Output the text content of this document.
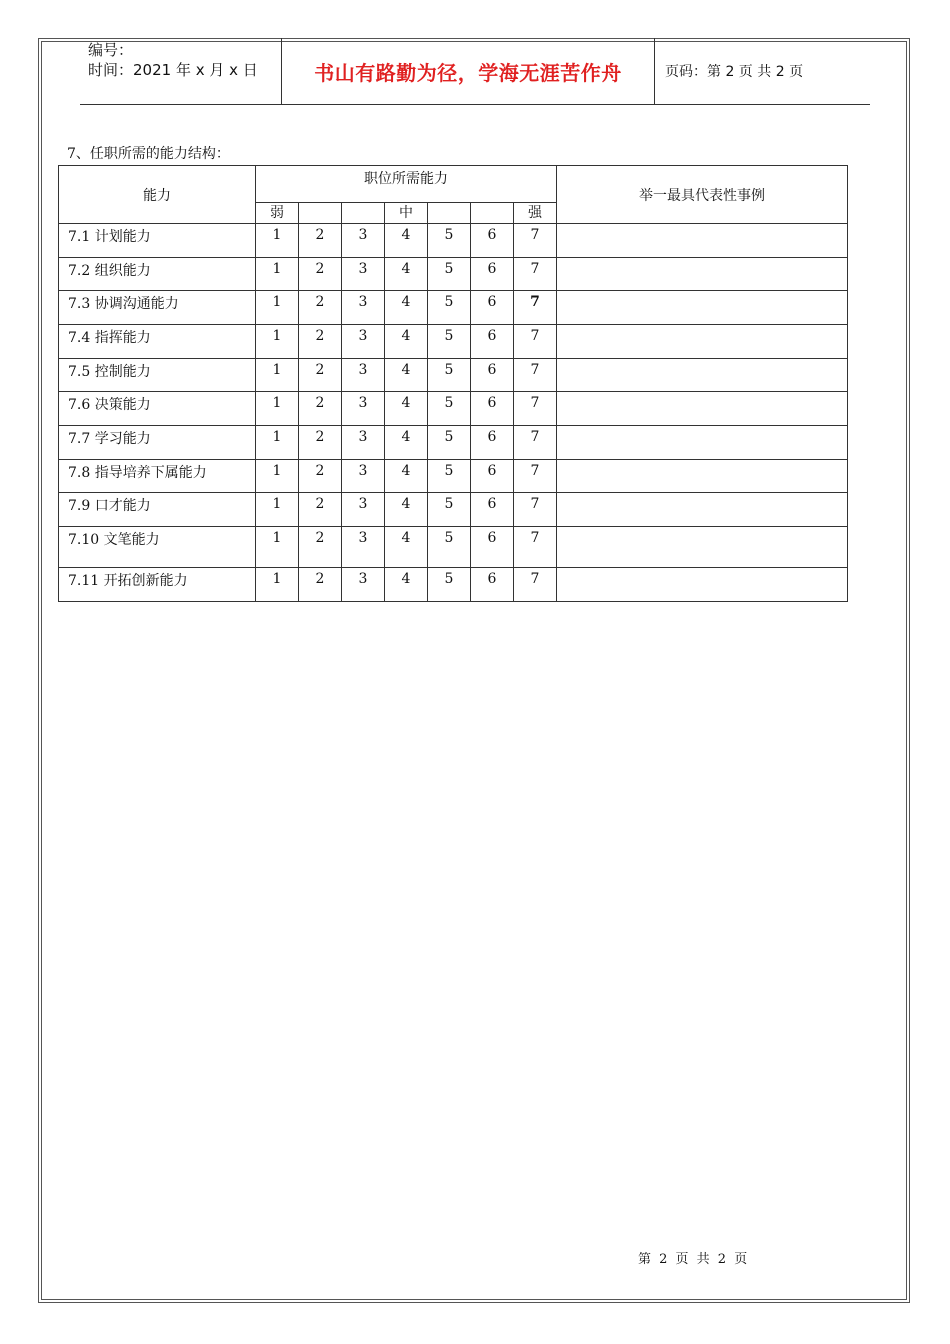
编号：
时间：2021 年 x 月 x 日	书山有路勤为径，学海无涯苦作舟	页码：第 2 页 共 2 页
7、任职所需的能力结构：
能力	职位所需能力							举一最具代表性事例
	弱			中			强	
7.1 计划能力	1	2	3	4	5	6	7	
7.2 组织能力	1	2	3	4	5	6	7	
7.3 协调沟通能力	1	2	3	4	5	6	7	
7.4 指挥能力	1	2	3	4	5	6	7	
7.5 控制能力	1	2	3	4	5	6	7	
7.6 决策能力	1	2	3	4	5	6	7	
7.7 学习能力	1	2	3	4	5	6	7	
7.8 指导培养下属能力	1	2	3	4	5	6	7	
7.9 口才能力	1	2	3	4	5	6	7	
7.10 文笔能力	1	2	3	4	5	6	7	
7.11 开拓创新能力	1	2	3	4	5	6	7	
第 2 页 共 2 页
